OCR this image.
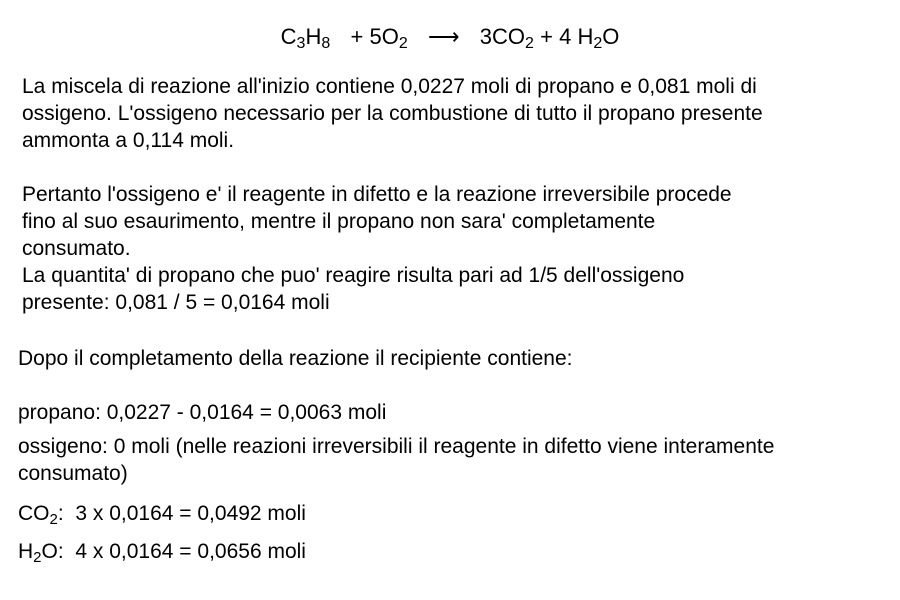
C3H8 + 5O2 ⟶ 3CO2 + 4 H2O
La miscela di reazione all'inizio contiene 0,0227 moli di propano e 0,081 moli di
ossigeno. L'ossigeno necessario per la combustione di tutto il propano presente
ammonta a 0,114 moli.
Pertanto l'ossigeno e' il reagente in difetto e la reazione irreversibile procede
fino al suo esaurimento, mentre il propano non sara' completamente
consumato.
La quantita' di propano che puo' reagire risulta pari ad 1/5 dell'ossigeno
presente: 0,081 / 5 = 0,0164 moli
Dopo il completamento della reazione il recipiente contiene:
propano: 0,0227 - 0,0164 = 0,0063 moli
ossigeno: 0 moli (nelle reazioni irreversibili il reagente in difetto viene interamente
consumato)
CO2: 3 x 0,0164 = 0,0492 moli
H2O: 4 x 0,0164 = 0,0656 moli
